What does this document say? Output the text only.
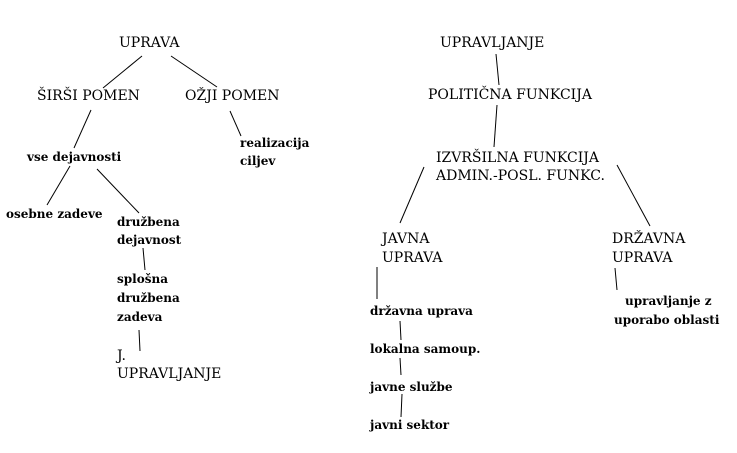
UPRAVA
ŠIRŠI POMEN	OŽJI POMEN
realizacija
ciljev
vse dejavnosti
osebne zadeve
družbena
dejavnost
splošna
družbena
zadeva
J.
UPRAVLJANJE
UPRAVLJANJE
POLITIČNA FUNKCIJA
IZVRŠILNA FUNKCIJA
ADMIN.-POSL. FUNKC.
JAVNA
UPRAVA
DRŽAVNA
UPRAVA
državna uprava
lokalna samoup.
javne službe
javni sektor
upravljanje z
uporabo oblasti
